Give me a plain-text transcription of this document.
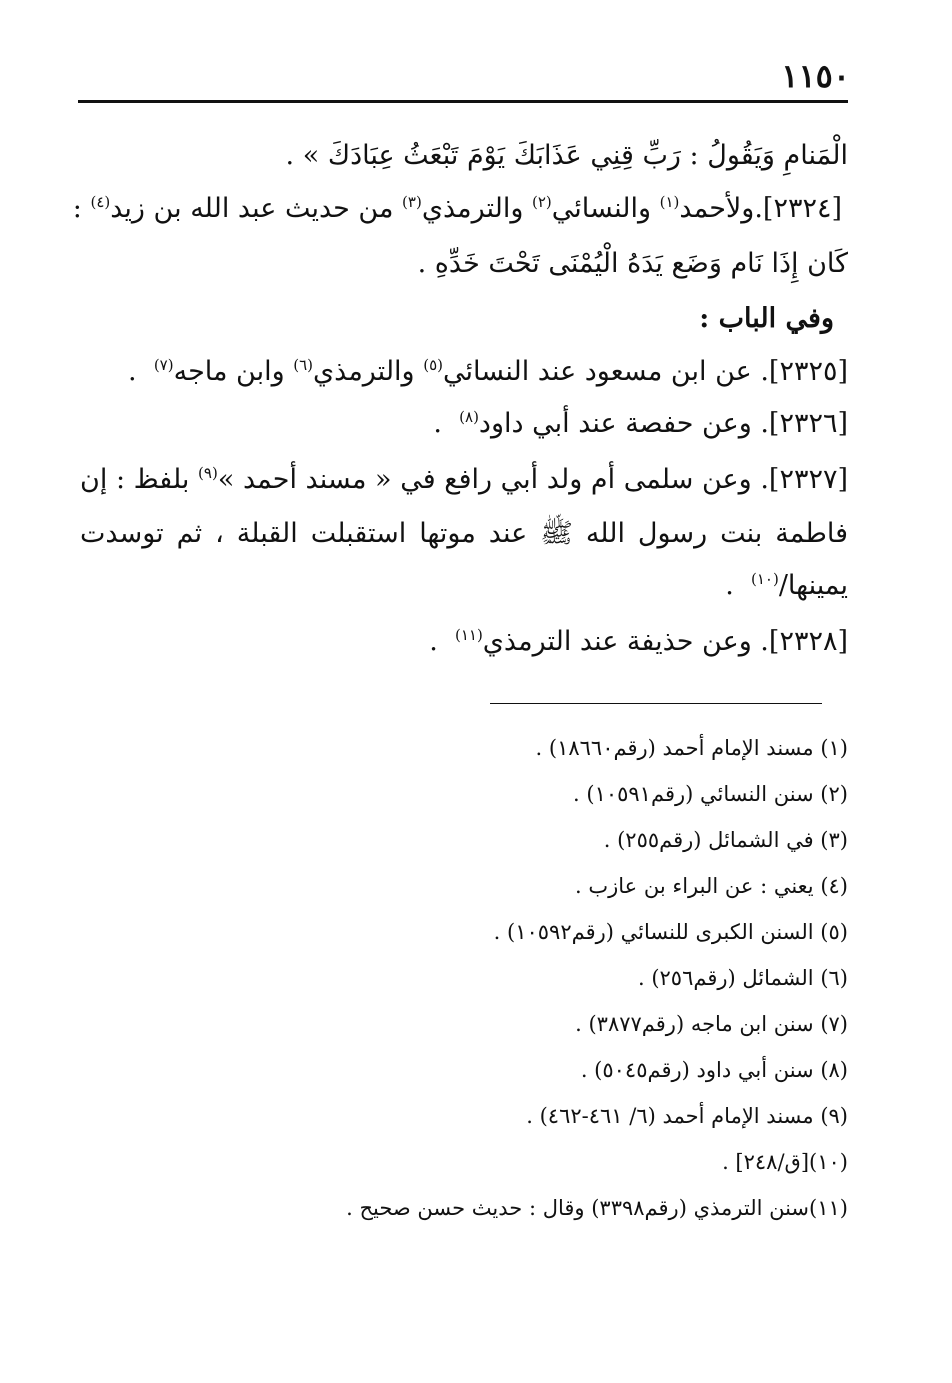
١١٥٠
الْمَنامِ وَيَقُولُ : رَبِّ قِنِي عَذَابَكَ يَوْمَ تَبْعَثُ عِبَادَكَ » .
[٢٣٢٤].ولأحمد$^{(١)}$ والنسائي$^{(٢)}$ والترمذي$^{(٣)}$ من حديث عبد الله بن زيد$^{(٤)}$ :
كَان إِذَا نَام وَضَع يَدَهُ الْيُمْنَى تَحْتَ خَدِّهِ .
وفي الباب :
[٢٣٢٥]. عن ابن مسعود عند النسائي$^{(٥)}$ والترمذي$^{(٦)}$ وابن ماجه$^{(٧)}$  .
[٢٣٢٦]. وعن حفصة عند أبي داود$^{(٨)}$  .
[٢٣٢٧]. وعن سلمى أم ولد أبي رافع في « مسند أحمد »$^{(٩)}$ بلفظ : إن
فاطمة بنت رسول الله ﷺ عند موتها استقبلت القبلة ، ثم توسدت
يمينها/$^{(١٠)}$  .
[٢٣٢٨]. وعن حذيفة عند الترمذي$^{(١١)}$  .
(١) مسند الإمام أحمد (رقم١٨٦٦٠) .
(٢) سنن النسائي (رقم١٠٥٩١) .
(٣) في الشمائل (رقم٢٥٥) .
(٤) يعني : عن البراء بن عازب .
(٥) السنن الكبرى للنسائي (رقم١٠٥٩٢) .
(٦) الشمائل (رقم٢٥٦) .
(٧) سنن ابن ماجه (رقم٣٨٧٧) .
(٨) سنن أبي داود (رقم٥٠٤٥) .
(٩) مسند الإمام أحمد (٦/ ٤٦١-٤٦٢) .
(١٠)[ق/٢٤٨] .
(١١)سنن الترمذي (رقم٣٣٩٨) وقال : حديث حسن صحيح .
